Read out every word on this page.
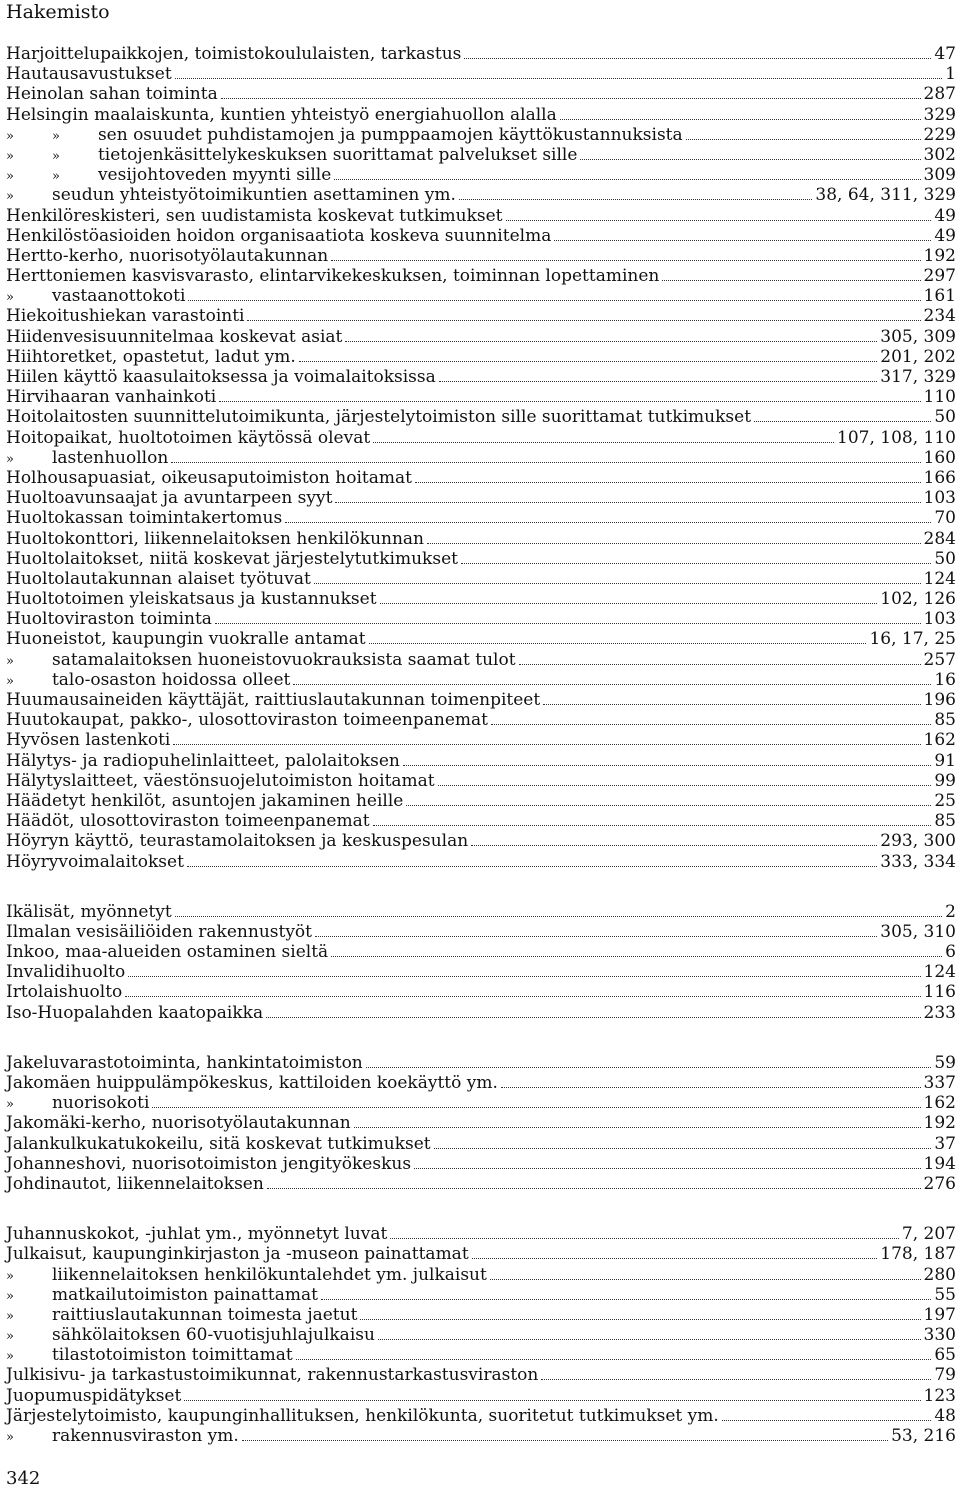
Hakemisto
Harjoittelupaikkojen, toimistokoululaisten, tarkastus	47
Hautausavustukset	1
Heinolan sahan toiminta	287
Helsingin maalaiskunta, kuntien yhteistyö energiahuollon alalla	329
»	» sen osuudet puhdistamojen ja pumppaamojen käyttökustannuksista	229
»	» tietojenkäsittelykeskuksen suorittamat palvelukset sille	302
»	» vesijohtoveden myynti sille	309
» seudun yhteistyötoimikuntien asettaminen ym.	38, 64, 311, 329
Henkilöreskisteri, sen uudistamista koskevat tutkimukset	49
Henkilöstöasioiden hoidon organisaatiota koskeva suunnitelma	49
Hertto-kerho, nuorisotyölautakunnan	192
Herttoniemen kasvisvarasto, elintarvikekeskuksen, toiminnan lopettaminen	297
» vastaanottokoti	161
Hiekoitushiekan varastointi	234
Hiidenvesisuunnitelmaa koskevat asiat	305, 309
Hiihtoretket, opastetut, ladut ym.	201, 202
Hiilen käyttö kaasulaitoksessa ja voimalaitoksissa	317, 329
Hirvihaaran vanhainkoti	110
Hoitolaitosten suunnittelutoimikunta, järjestelytoimiston sille suorittamat tutkimukset	50
Hoitopaikat, huoltotoimen käytössä olevat	107, 108, 110
» lastenhuollon	160
Holhousapuasiat, oikeusaputoimiston hoitamat	166
Huoltoavunsaajat ja avuntarpeen syyt	103
Huoltokassan toimintakertomus	70
Huoltokonttori, liikennelaitoksen henkilökunnan	284
Huoltolaitokset, niitä koskevat järjestelytutkimukset	50
Huoltolautakunnan alaiset työtuvat	124
Huoltotoimen yleiskatsaus ja kustannukset	102, 126
Huoltoviraston toiminta	103
Huoneistot, kaupungin vuokralle antamat	16, 17, 25
» satamalaitoksen huoneistovuokrauksista saamat tulot	257
» talo-osaston hoidossa olleet	16
Huumausaineiden käyttäjät, raittiuslautakunnan toimenpiteet	196
Huutokaupat, pakko-, ulosottoviraston toimeenpanemat	85
Hyvösen lastenkoti	162
Hälytys- ja radiopuhelinlaitteet, palolaitoksen	91
Hälytyslaitteet, väestönsuojelutoimiston hoitamat	99
Häädetyt henkilöt, asuntojen jakaminen heille	25
Häädöt, ulosottoviraston toimeenpanemat	85
Höyryn käyttö, teurastamolaitoksen ja keskuspesulan	293, 300
Höyryvoimalaitokset	333, 334
Ikälisät, myönnetyt	2
Ilmalan vesisäiliöiden rakennustyöt	305, 310
Inkoo, maa-alueiden ostaminen sieltä	6
Invalidihuolto	124
Irtolaishuolto	116
Iso-Huopalahden kaatopaikka	233
Jakeluvarastotoiminta, hankintatoimiston	59
Jakomäen huippulämpökeskus, kattiloiden koekäyttö ym.	337
» nuorisokoti	162
Jakomäki-kerho, nuorisotyölautakunnan	192
Jalankulkukatukokeilu, sitä koskevat tutkimukset	37
Johanneshovi, nuorisotoimiston jengityökeskus	194
Johdinautot, liikennelaitoksen	276
Juhannuskokot, -juhlat ym., myönnetyt luvat	7, 207
Julkaisut, kaupunginkirjaston ja -museon painattamat	178, 187
» liikennelaitoksen henkilökuntalehdet ym. julkaisut	280
» matkailutoimiston painattamat	55
» raittiuslautakunnan toimesta jaetut	197
» sähkölaitoksen 60-vuotisjuhlajulkaisu	330
» tilastotoimiston toimittamat	65
Julkisivu- ja tarkastustoimikunnat, rakennustarkastusviraston	79
Juopumuspidätykset	123
Järjestelytoimisto, kaupunginhallituksen, henkilökunta, suoritetut tutkimukset ym.	48
» rakennusviraston ym.	53, 216
342
